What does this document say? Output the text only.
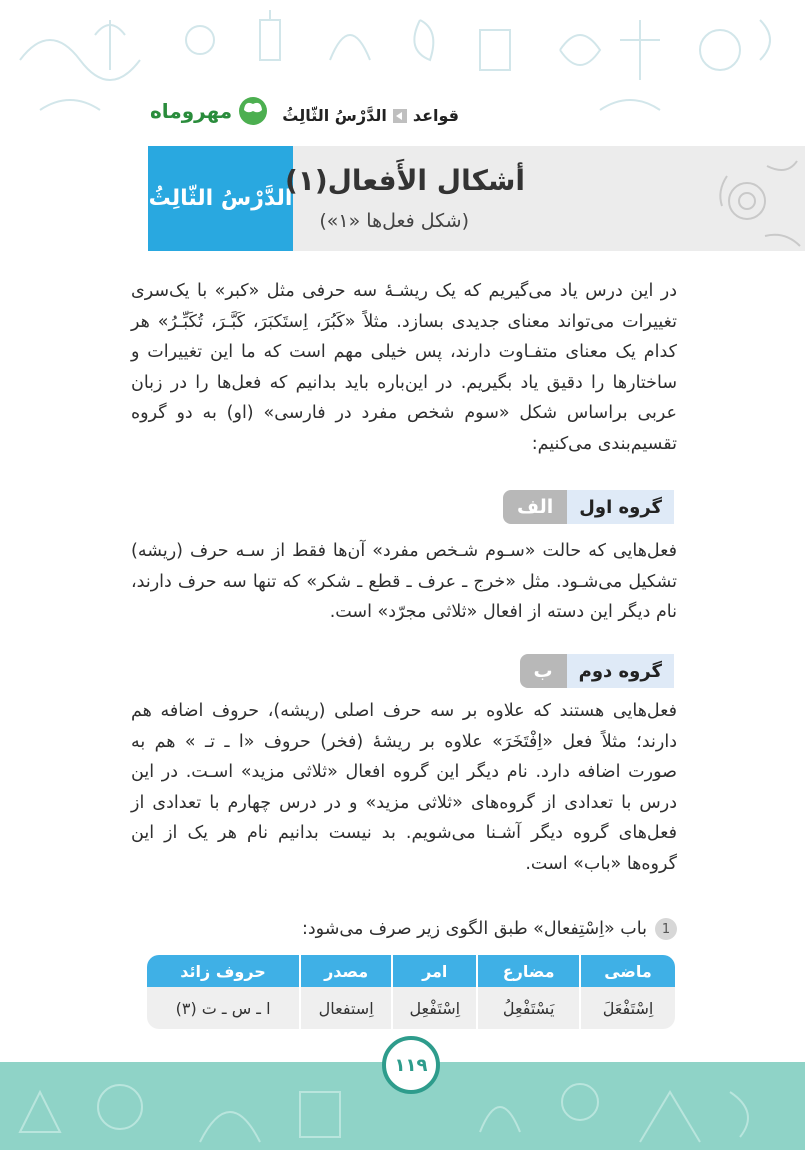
مهروماه	قواعد
الدَّرْسُ الثّالِثُ
الدَّرْسُ الثّالِثُ
أشكال الأَفعال(١)
(شکل فعل‌ها «۱»)
در این درس یاد می‌گیریم که یک ریشـهٔ سه حرفی مثل «کبر» با یک‌سری تغییرات می‌تواند معنای جدیدی بسازد. مثلاً «کَبُرَ، اِستَکبَرَ، کَبَّـرَ، تُکَبِّـرُ» هر کدام یک معنای متفـاوت دارند، پس خیلی مهم است که ما این تغییرات و ساختارها را دقیق یاد بگیریم. در این‌باره باید بدانیم که فعل‌ها را در زبان عربی براساس شکل «سوم شخص مفرد در فارسی» (او) به دو گروه تقسیم‌بندی می‌کنیم:
گروه اول
الف
فعل‌هایی که حالت «سـوم شـخص مفرد» آن‌ها فقط از سـه حرف (ریشه) تشکیل می‌شـود. مثل «خرج ـ عرف ـ قطع ـ شکر» که تنها سه حرف دارند، نام دیگر این دسته از افعال «ثلاثی مجرّد» است.
گروه دوم
ب
فعل‌هایی هستند که علاوه بر سه حرف اصلی (ریشه)، حروف اضافه هم دارند؛ مثلاً فعل «اِفْتَخَرَ» علاوه بر ریشهٔ (فخر) حروف «ا ـ تـ » هم به صورت اضافه دارد. نام دیگر این گروه افعال «ثلاثی مزید» اسـت. در این درس با تعدادی از گروه‌های «ثلاثی مزید» و در درس چهارم با تعدادی از فعل‌های گروه دیگر آشـنا می‌شویم. بد نیست بدانیم نام هر یک از این گروه‌ها «باب» است.
1
باب «اِسْتِفعال» طبق الگوی زیر صرف می‌شود:
ماضی	مضارع	امر	مصدر	حروف زائد
اِسْتَفْعَلَ	یَسْتَفْعِلُ	اِسْتَفْعِل	اِستفعال	ا ـ س ـ ت (۳)
۱۱۹
